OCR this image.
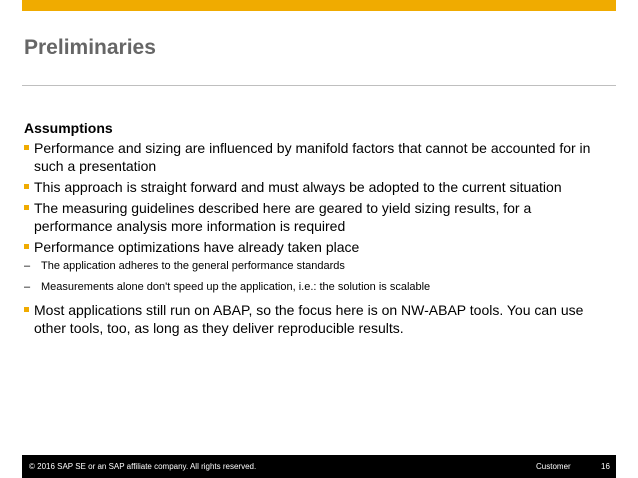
Preliminaries
Assumptions
Performance and sizing are influenced by manifold factors that cannot be accounted for in such a presentation
This approach is straight forward and must always be adopted to the current situation
The measuring guidelines described here are geared to yield sizing results, for a performance analysis more information is required
Performance optimizations have already taken place
– The application adheres to the general performance standards
– Measurements alone don't speed up the application, i.e.: the solution is scalable
Most applications still run on ABAP, so the focus here is on NW-ABAP tools. You can use other tools, too, as long as they deliver reproducible results.
© 2016 SAP SE or an SAP affiliate company. All rights reserved.	Customer	16
